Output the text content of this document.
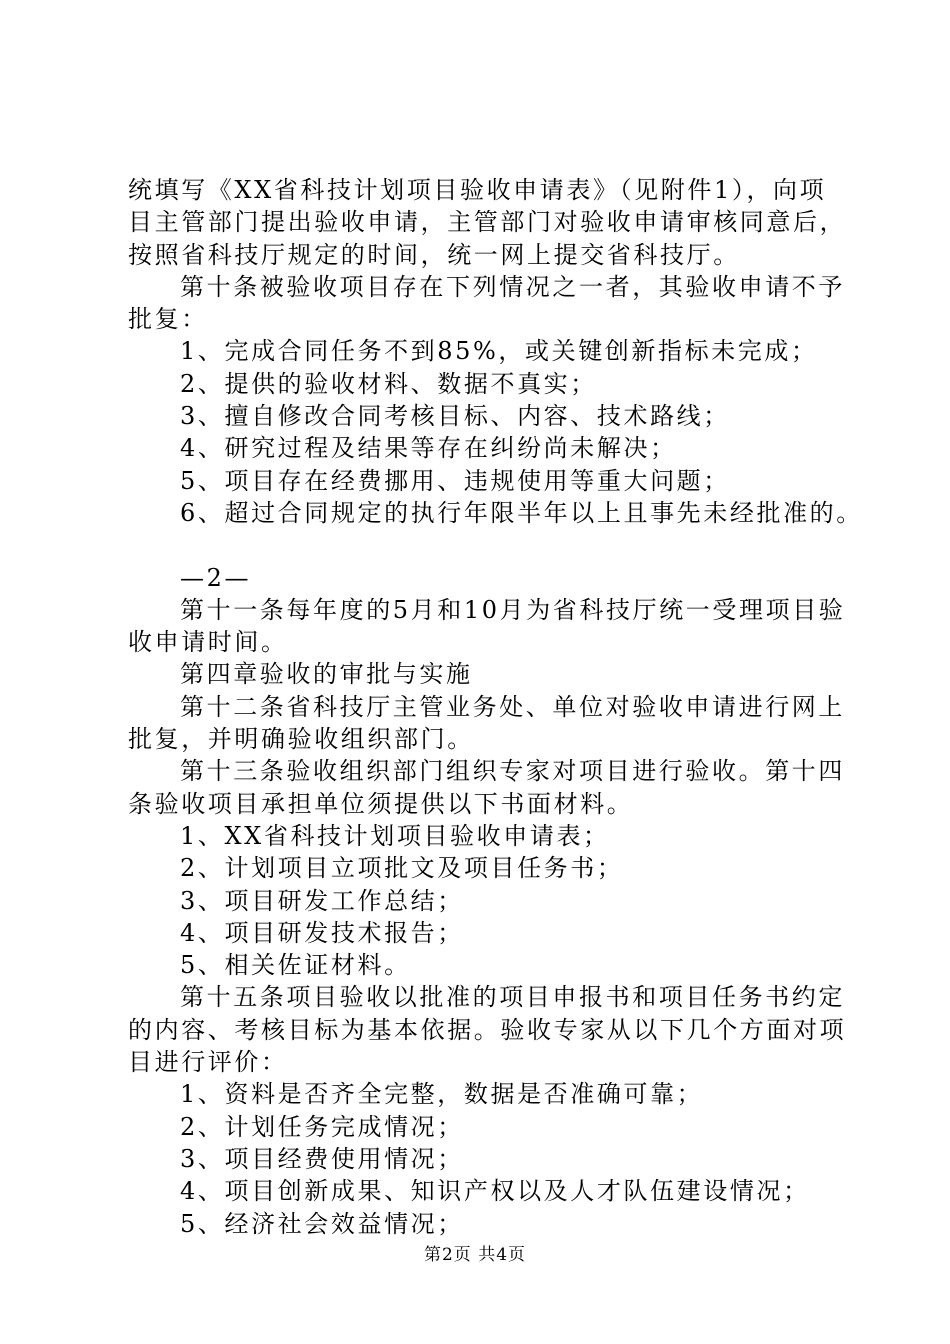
统填写《XX省科技计划项目验收申请表》（见附件1），向项
目主管部门提出验收申请，主管部门对验收申请审核同意后，
按照省科技厅规定的时间，统一网上提交省科技厅。
第十条被验收项目存在下列情况之一者，其验收申请不予
批复：
1、完成合同任务不到85%，或关键创新指标未完成；
2、提供的验收材料、数据不真实；
3、擅自修改合同考核目标、内容、技术路线；
4、研究过程及结果等存在纠纷尚未解决；
5、项目存在经费挪用、违规使用等重大问题；
6、超过合同规定的执行年限半年以上且事先未经批准的。
—2—
第十一条每年度的5月和10月为省科技厅统一受理项目验
收申请时间。
第四章验收的审批与实施
第十二条省科技厅主管业务处、单位对验收申请进行网上
批复，并明确验收组织部门。
第十三条验收组织部门组织专家对项目进行验收。第十四
条验收项目承担单位须提供以下书面材料。
1、XX省科技计划项目验收申请表；
2、计划项目立项批文及项目任务书；
3、项目研发工作总结；
4、项目研发技术报告；
5、相关佐证材料。
第十五条项目验收以批准的项目申报书和项目任务书约定
的内容、考核目标为基本依据。验收专家从以下几个方面对项
目进行评价：
1、资料是否齐全完整，数据是否准确可靠；
2、计划任务完成情况；
3、项目经费使用情况；
4、项目创新成果、知识产权以及人才队伍建设情况；
5、经济社会效益情况；
第2页 共4页
